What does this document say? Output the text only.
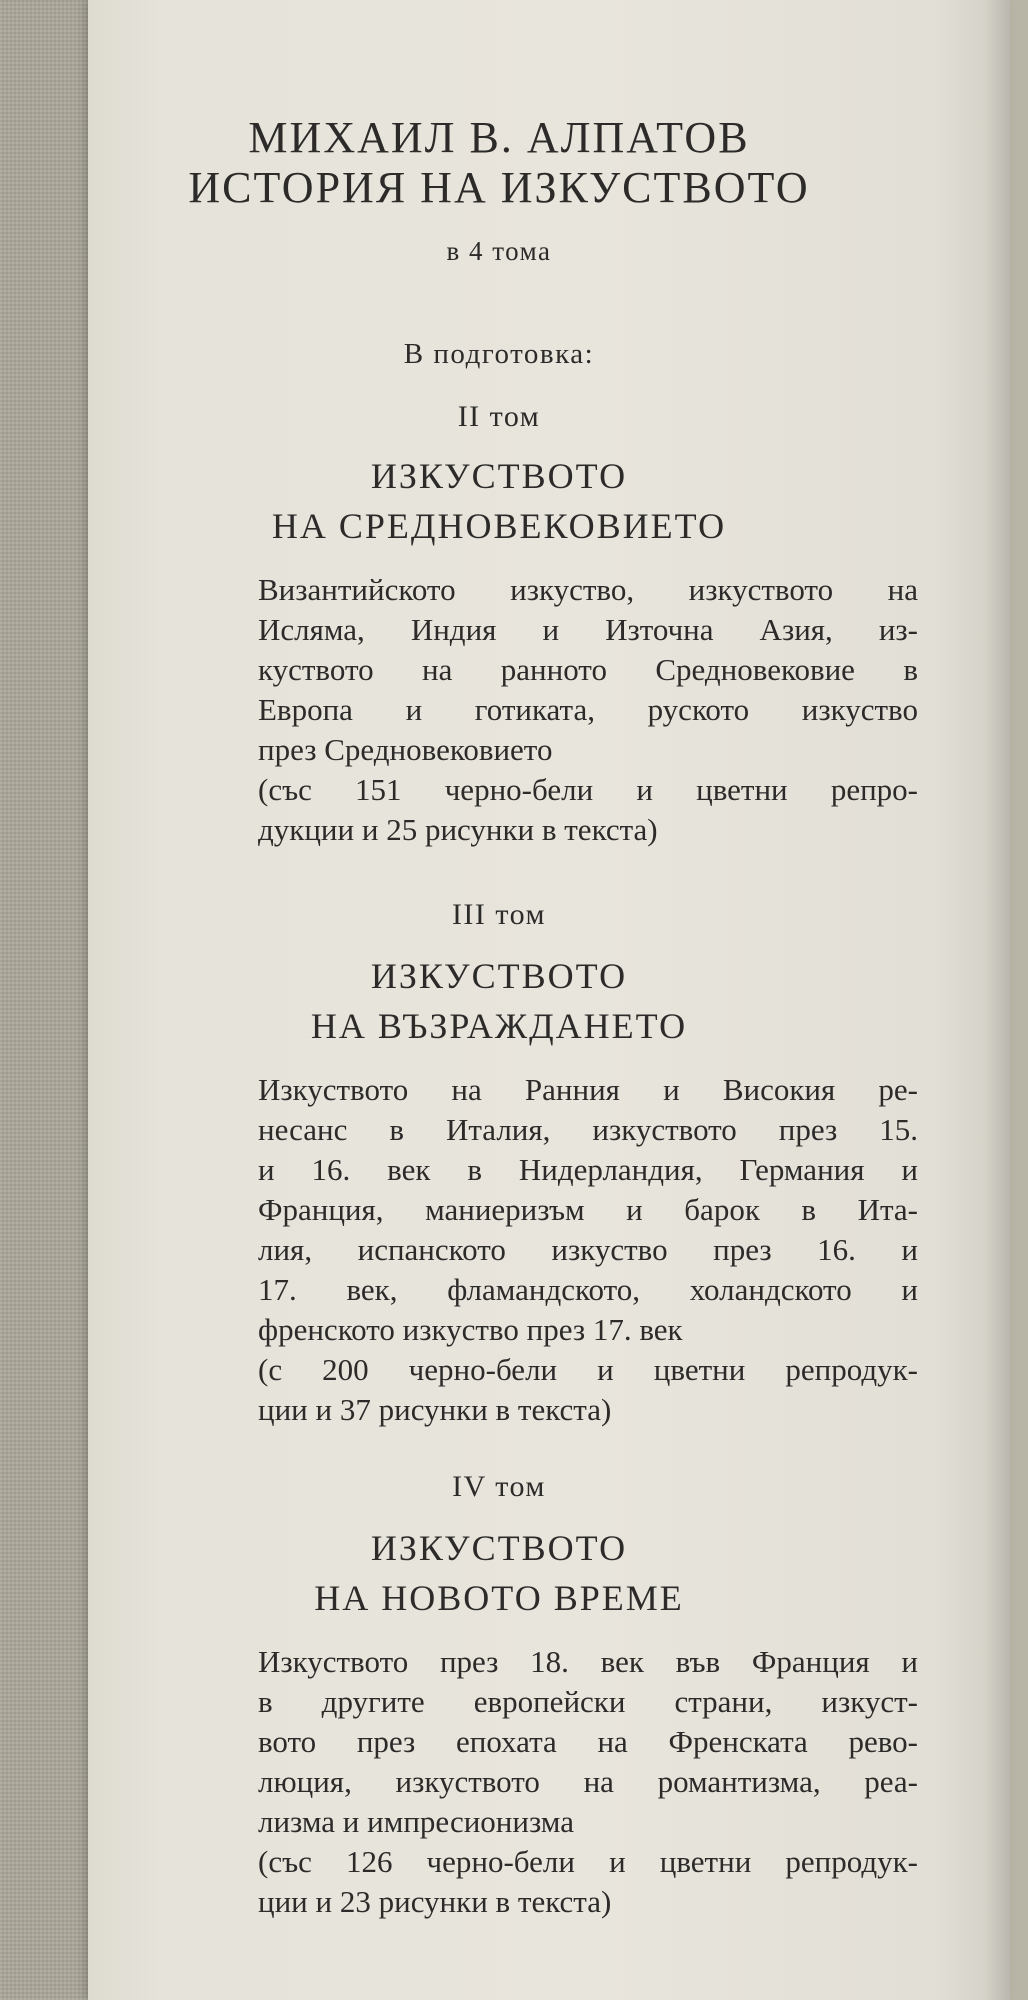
МИХАИЛ В. АЛПАТОВ
ИСТОРИЯ НА ИЗКУСТВОТО
в 4 тома
В подготовка:
II том
ИЗКУСТВОТО
НА СРЕДНОВЕКОВИЕТО
Византийското изкуство, изкуството на
Исляма, Индия и Източна Азия, из-
куството на ранното Средновековие в
Европа и готиката, руското изкуство
през Средновековието
(със 151 черно-бели и цветни репро-
дукции и 25 рисунки в текста)
III том
ИЗКУСТВОТО
НА ВЪЗРАЖДАНЕТО
Изкуството на Ранния и Високия ре-
несанс в Италия, изкуството през 15.
и 16. век в Нидерландия, Германия и
Франция, маниеризъм и барок в Ита-
лия, испанското изкуство през 16. и
17. век, фламандското, холандското и
френското изкуство през 17. век
(с 200 черно-бели и цветни репродук-
ции и 37 рисунки в текста)
IV том
ИЗКУСТВОТО
НА НОВОТО ВРЕМЕ
Изкуството през 18. век във Франция и
в другите европейски страни, изкуст-
вото през епохата на Френската рево-
люция, изкуството на романтизма, реа-
лизма и импресионизма
(със 126 черно-бели и цветни репродук-
ции и 23 рисунки в текста)
